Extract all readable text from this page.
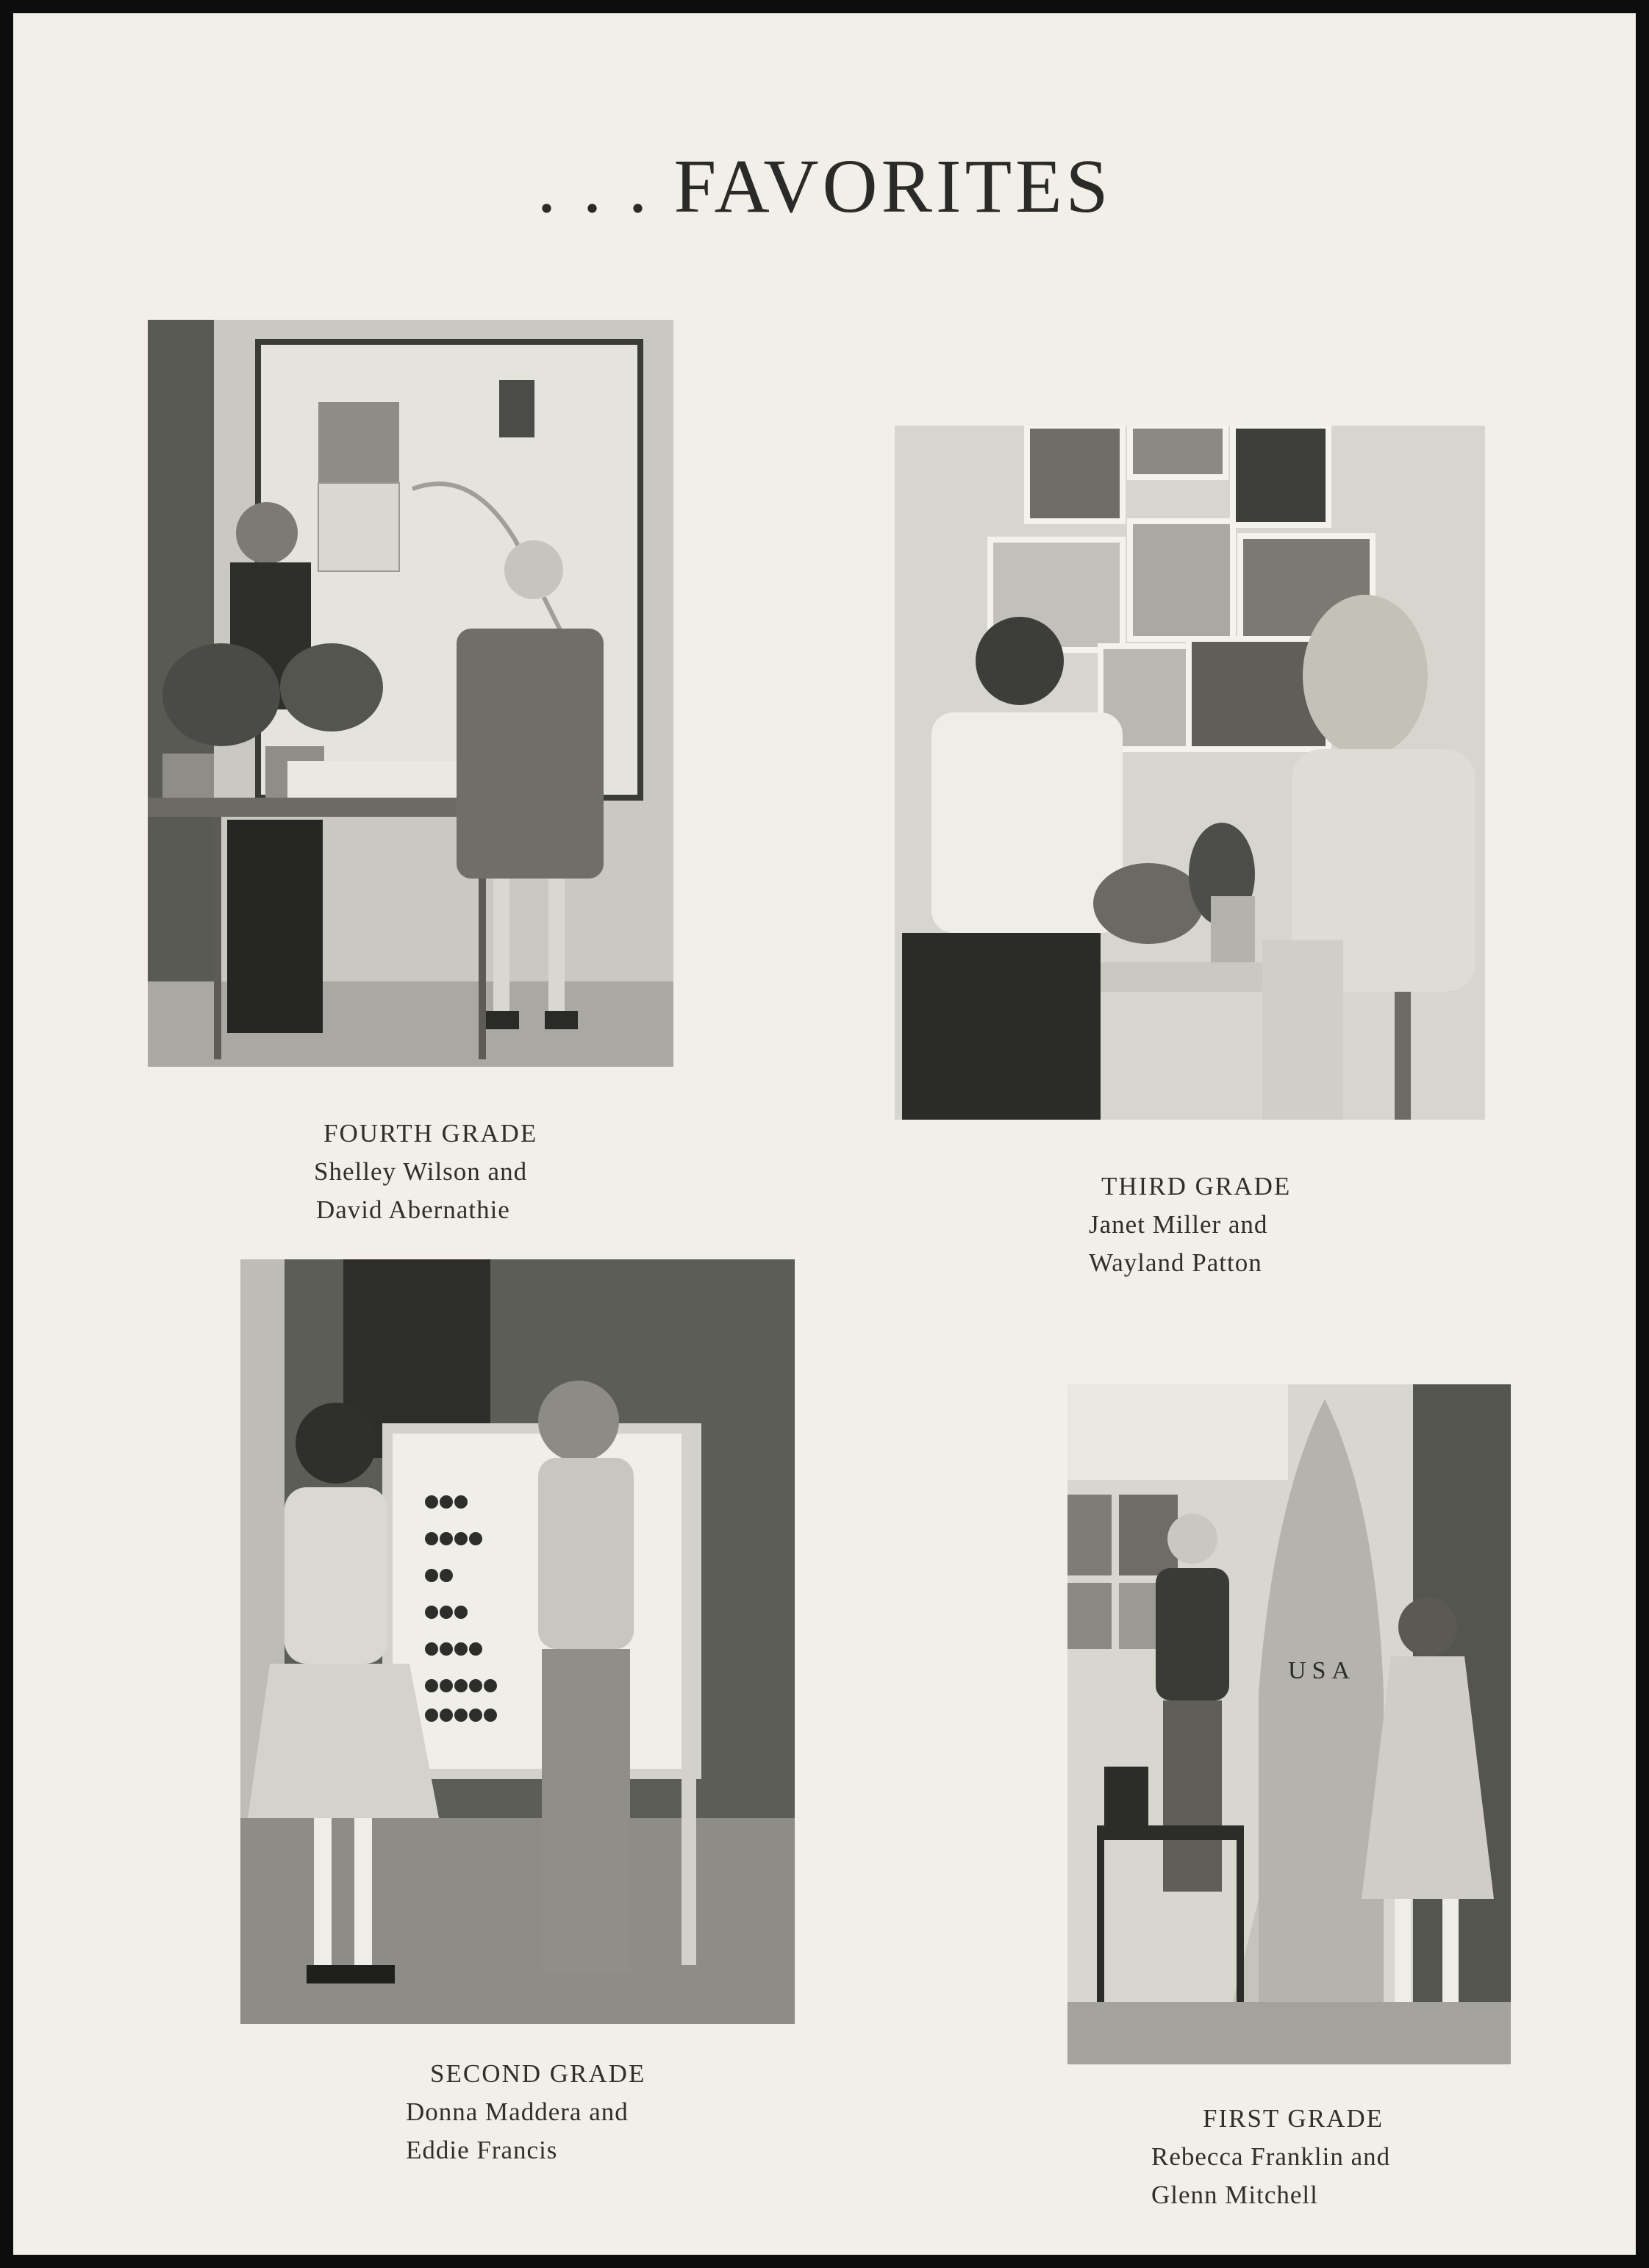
. . . FAVORITES
FOURTH GRADE
Shelley Wilson and
David Abernathie
THIRD GRADE
Janet Miller and
Wayland Patton
SECOND GRADE
Donna Maddera and
Eddie Francis
USA
FIRST GRADE
Rebecca Franklin and
Glenn Mitchell
